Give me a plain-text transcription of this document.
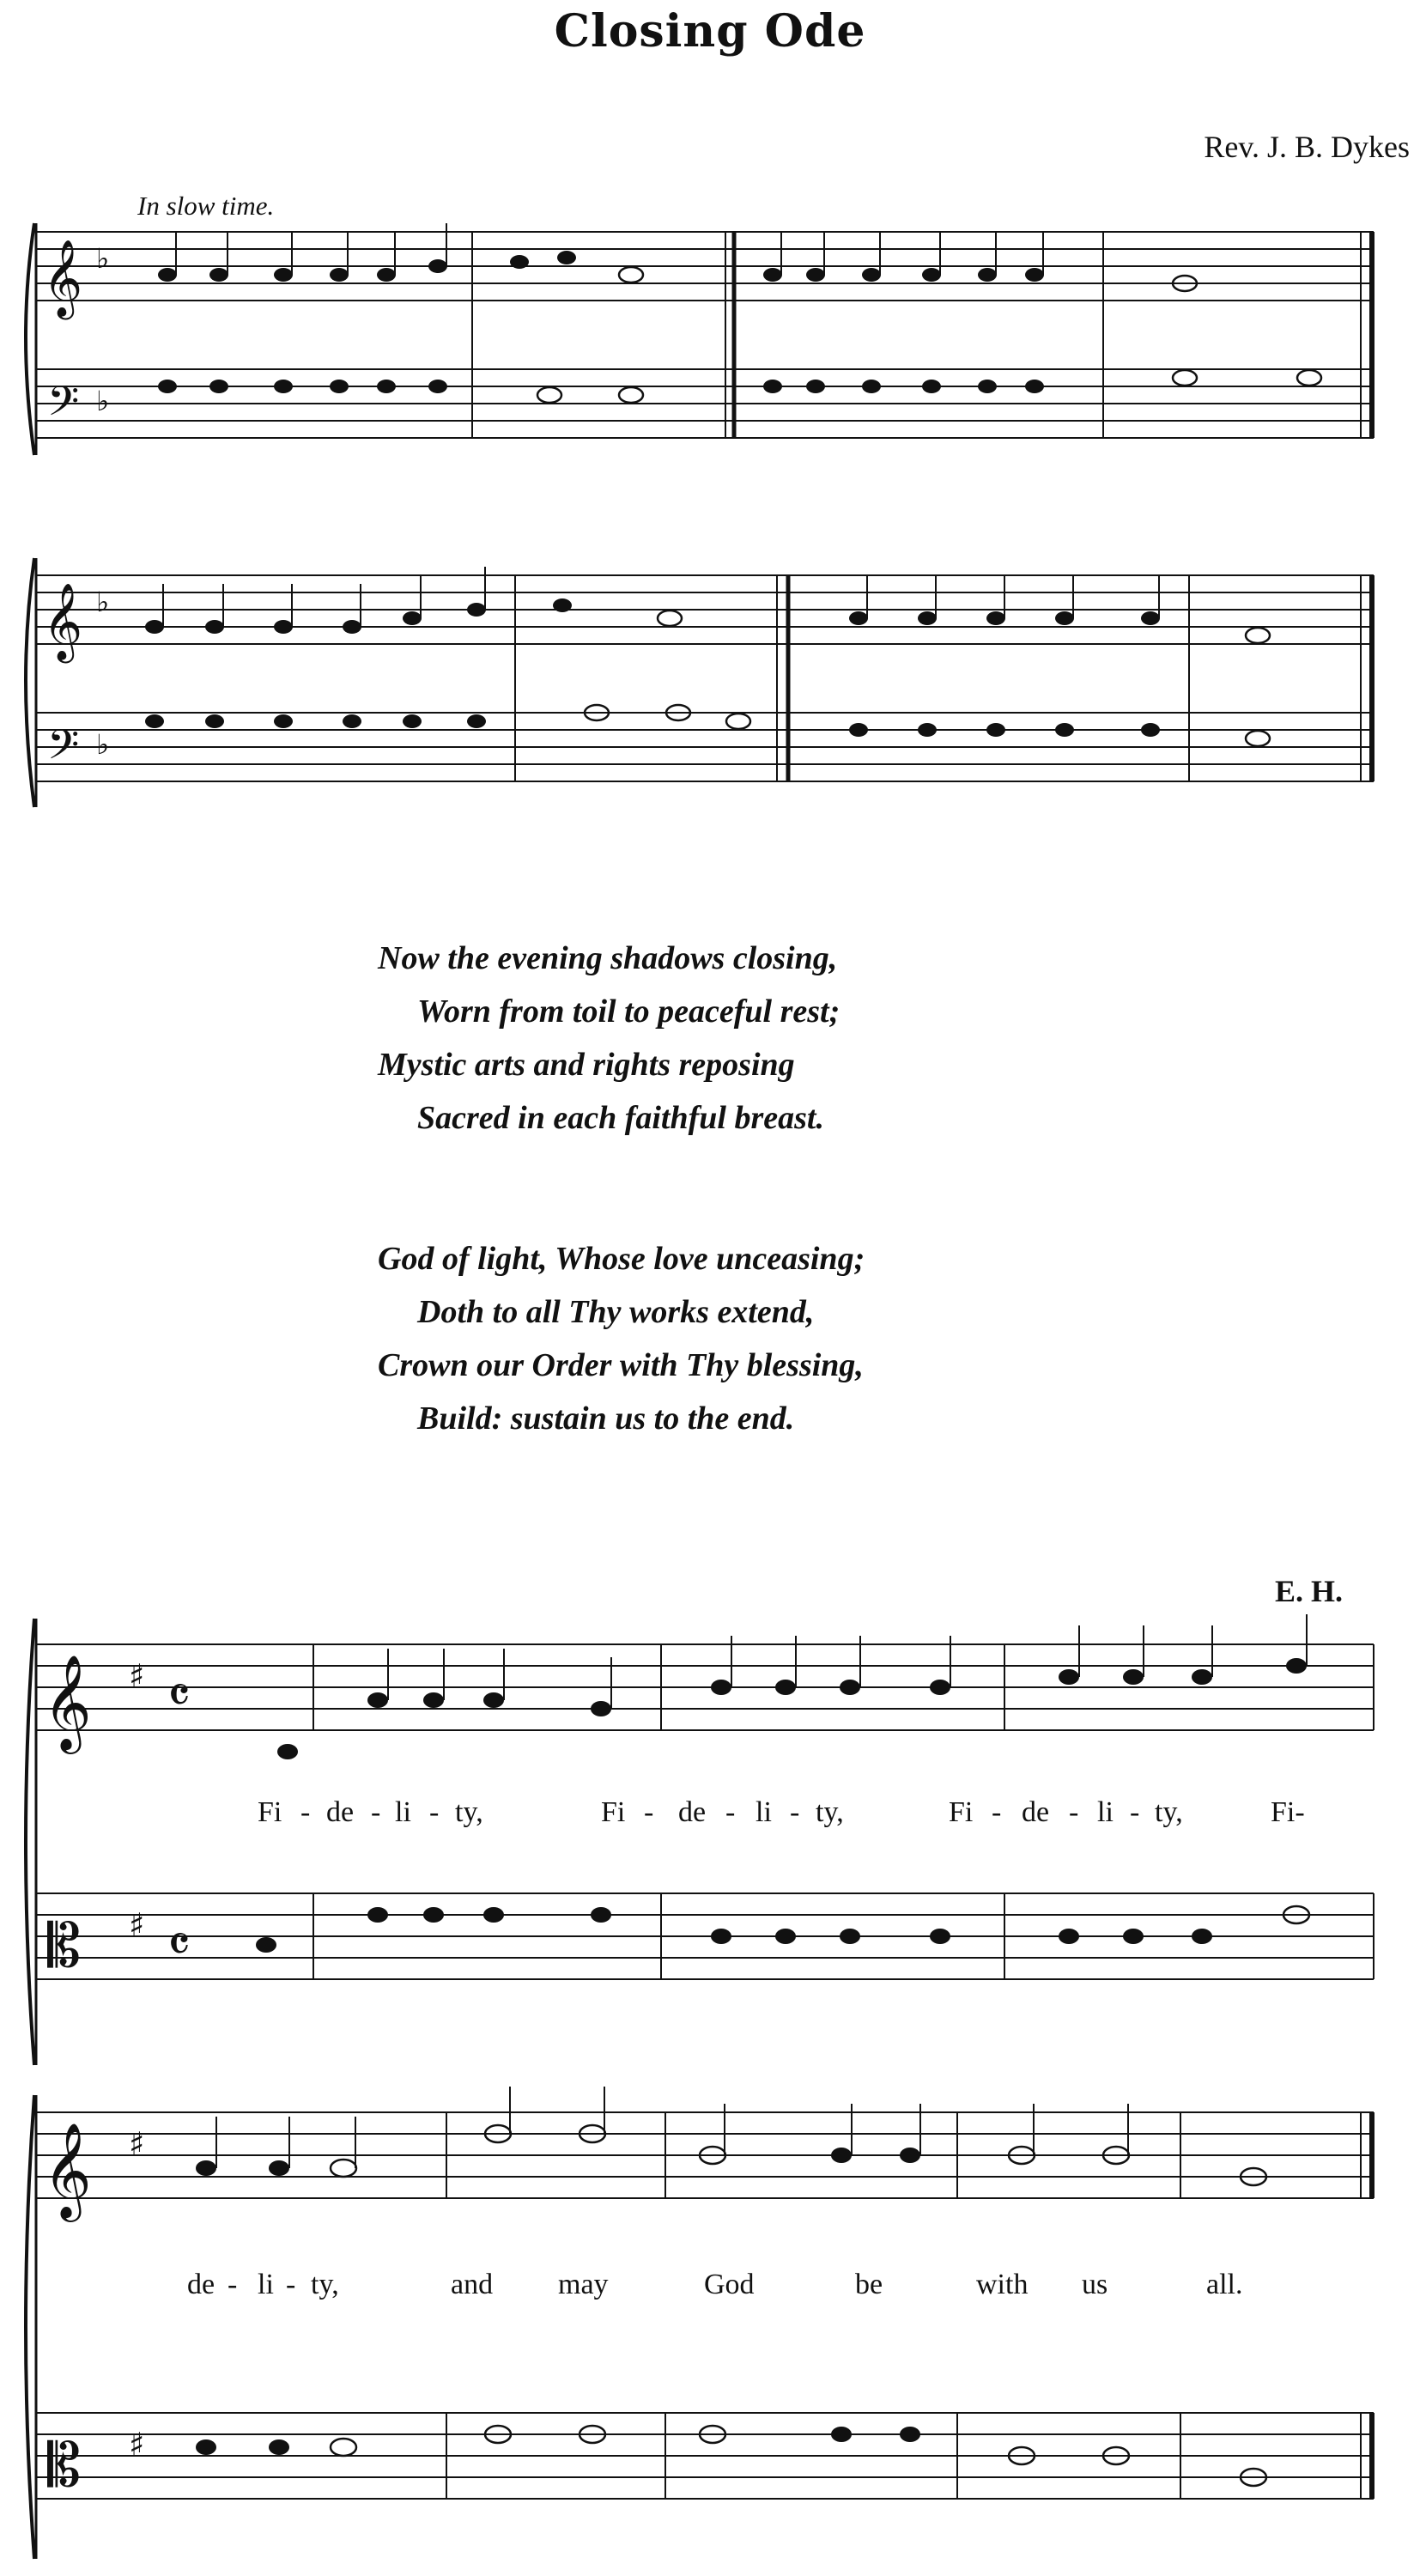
Closing Ode
Rev. J. B. Dykes
In slow time.
𝄞
𝄢
♭
♭
𝄞
𝄢
♭
♭
Now the evening shadows closing,
Worn from toil to peaceful rest;
Mystic arts and rights reposing
Sacred in each faithful breast.
God of light, Whose love unceasing;
Doth to all Thy works extend,
Crown our Order with Thy blessing,
Build: sustain us to the end.
E. H.
𝄞
𝄡
♯
♯
𝄴
𝄴
Fi - de - li - ty,	Fi - de - li - ty,	Fi - de - li - ty,	Fi-
𝄞
𝄡
♯
♯
de - li - ty,	and may	God	be	with us	all.
